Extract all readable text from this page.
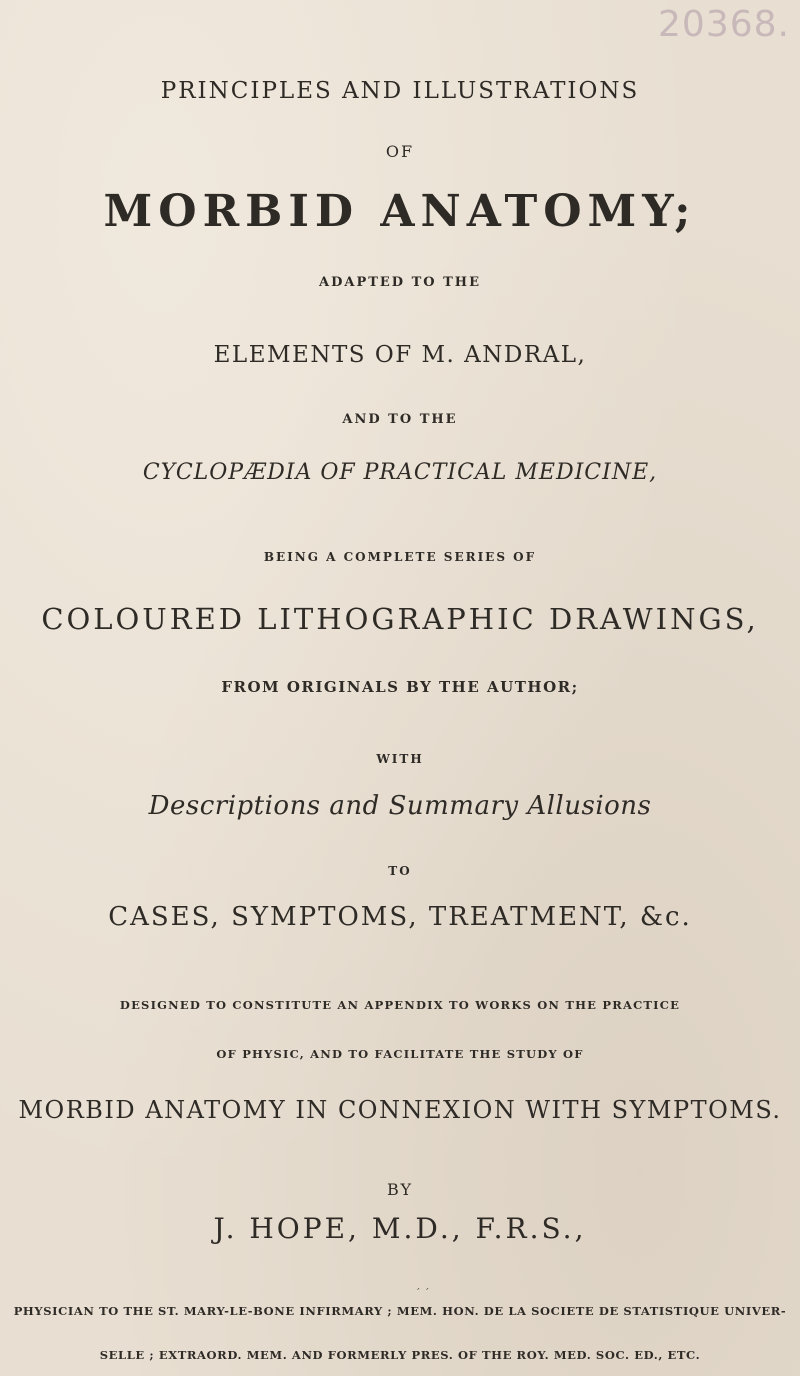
20368.
PRINCIPLES AND ILLUSTRATIONS
OF
MORBID ANATOMY;
ADAPTED TO THE
ELEMENTS OF M. ANDRAL,
AND TO THE
CYCLOPÆDIA OF PRACTICAL MEDICINE,
BEING A COMPLETE SERIES OF
COLOURED LITHOGRAPHIC DRAWINGS,
FROM ORIGINALS BY THE AUTHOR;
WITH
Descriptions and Summary Allusions
TO
CASES, SYMPTOMS, TREATMENT, &c.
DESIGNED TO CONSTITUTE AN APPENDIX TO WORKS ON THE PRACTICE
OF PHYSIC, AND TO FACILITATE THE STUDY OF
MORBID ANATOMY IN CONNEXION WITH SYMPTOMS.
BY
J. HOPE, M.D., F.R.S.,
´ ´
PHYSICIAN TO THE ST. MARY-LE-BONE INFIRMARY ; MEM. HON. DE LA SOCIETE DE STATISTIQUE UNIVER-
SELLE ; EXTRAORD. MEM. AND FORMERLY PRES. OF THE ROY. MED. SOC. ED., ETC.
